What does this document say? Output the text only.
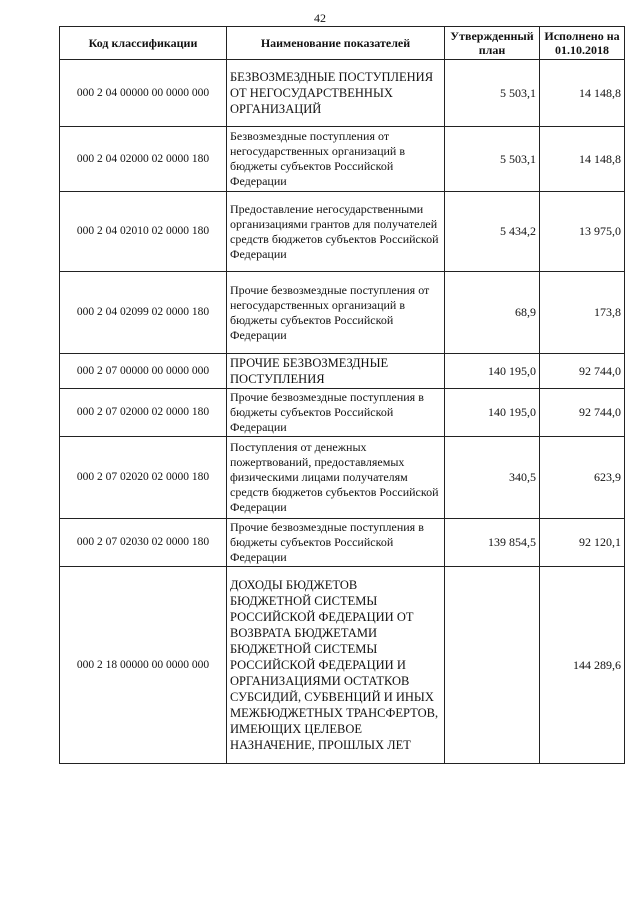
42
Код классификации	Наименование показателей	Утвержденный план	Исполнено на 01.10.2018
000 2 04 00000 00 0000 000	БЕЗВОЗМЕЗДНЫЕ ПОСТУПЛЕНИЯ ОТ НЕГОСУДАРСТВЕННЫХ ОРГАНИЗАЦИЙ	5 503,1	14 148,8
000 2 04 02000 02 0000 180	Безвозмездные поступления от негосударственных организаций в бюджеты субъектов Российской Федерации	5 503,1	14 148,8
000 2 04 02010 02 0000 180	Предоставление негосударственными организациями грантов для получателей средств бюджетов субъектов Российской Федерации	5 434,2	13 975,0
000 2 04 02099 02 0000 180	Прочие безвозмездные поступления от негосударственных организаций в бюджеты субъектов Российской Федерации	68,9	173,8
000 2 07 00000 00 0000 000	ПРОЧИЕ БЕЗВОЗМЕЗДНЫЕ ПОСТУПЛЕНИЯ	140 195,0	92 744,0
000 2 07 02000 02 0000 180	Прочие безвозмездные поступления в бюджеты субъектов Российской Федерации	140 195,0	92 744,0
000 2 07 02020 02 0000 180	Поступления от денежных пожертвований, предоставляемых физическими лицами получателям средств бюджетов субъектов Российской Федерации	340,5	623,9
000 2 07 02030 02 0000 180	Прочие безвозмездные поступления в бюджеты субъектов Российской Федерации	139 854,5	92 120,1
000 2 18 00000 00 0000 000	ДОХОДЫ БЮДЖЕТОВ БЮДЖЕТНОЙ СИСТЕМЫ РОССИЙСКОЙ ФЕДЕРАЦИИ ОТ ВОЗВРАТА БЮДЖЕТАМИ БЮДЖЕТНОЙ СИСТЕМЫ РОССИЙСКОЙ ФЕДЕРАЦИИ И ОРГАНИЗАЦИЯМИ ОСТАТКОВ СУБСИДИЙ, СУБВЕНЦИЙ И ИНЫХ МЕЖБЮДЖЕТНЫХ ТРАНСФЕРТОВ, ИМЕЮЩИХ ЦЕЛЕВОЕ НАЗНАЧЕНИЕ, ПРОШЛЫХ ЛЕТ		144 289,6
